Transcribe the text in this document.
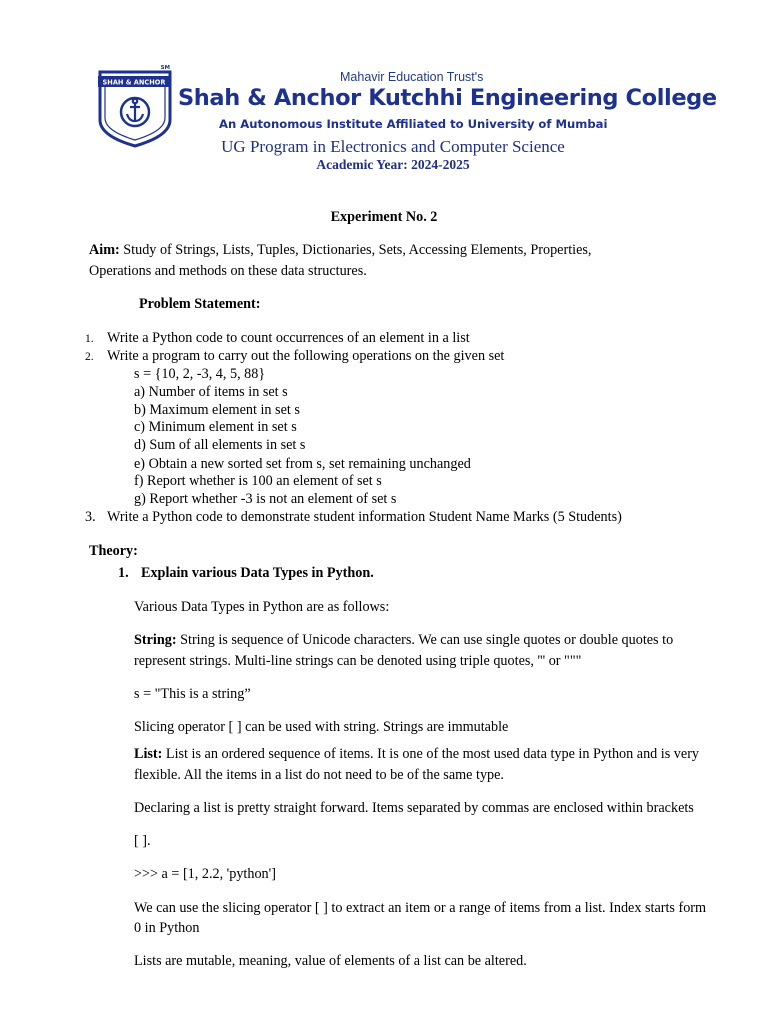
SHAH & ANCHOR
SM
Mahavir Education Trust's
Shah & Anchor Kutchhi Engineering College
An Autonomous Institute Affiliated to University of Mumbai
UG Program in Electronics and Computer Science
Academic Year: 2024-2025
Experiment No. 2
Aim: Study of Strings, Lists, Tuples, Dictionaries, Sets, Accessing Elements, Properties,
Operations and methods on these data structures.
Problem Statement:
1. Write a Python code to count occurrences of an element in a list
2. Write a program to carry out the following operations on the given set
s = {10, 2, -3, 4, 5, 88}
a) Number of items in set s
b) Maximum element in set s
c) Minimum element in set s
d) Sum of all elements in set s
e) Obtain a new sorted set from s, set remaining unchanged
f) Report whether is 100 an element of set s
g) Report whether -3 is not an element of set s
3. Write a Python code to demonstrate student information Student Name Marks (5 Students)
Theory:
1. Explain various Data Types in Python.
Various Data Types in Python are as follows:
String: String is sequence of Unicode characters. We can use single quotes or double quotes to
represent strings. Multi-line strings can be denoted using triple quotes, ''' or """
s = "This is a string”
Slicing operator [ ] can be used with string. Strings are immutable
List: List is an ordered sequence of items. It is one of the most used data type in Python and is very
flexible. All the items in a list do not need to be of the same type.
Declaring a list is pretty straight forward. Items separated by commas are enclosed within brackets
[ ].
>>> a = [1, 2.2, 'python']
We can use the slicing operator [ ] to extract an item or a range of items from a list. Index starts form
0 in Python
Lists are mutable, meaning, value of elements of a list can be altered.
